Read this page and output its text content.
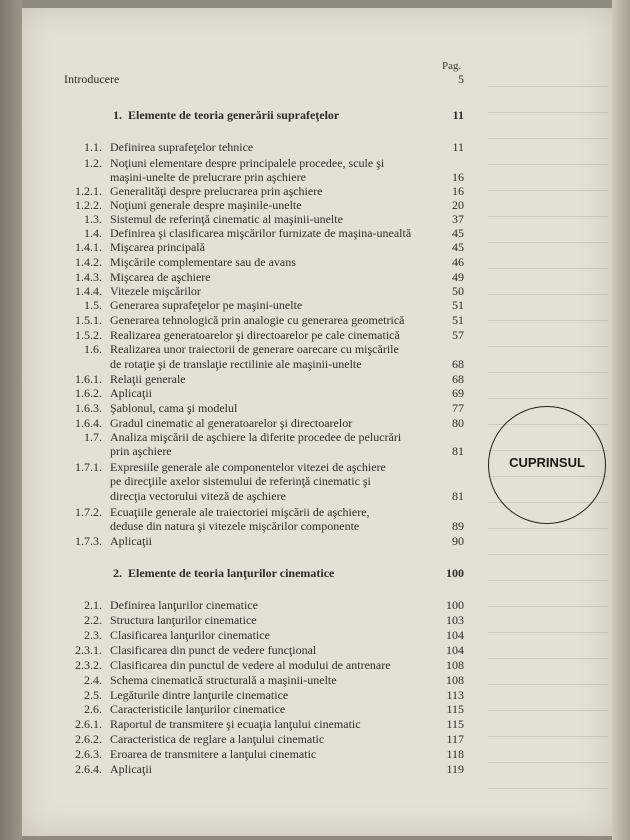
Pag.
Introducere	5
1. Elemente de teoria generării suprafeţelor	11
1.1. Definirea suprafeţelor tehnice	11
1.2. Noţiuni elementare despre principalele procedee, scule şi
maşini-unelte de prelucrare prin aşchiere	16
1.2.1. Generalităţi despre prelucrarea prin aşchiere	16
1.2.2. Noţiuni generale despre maşinile-unelte	20
1.3. Sistemul de referinţă cinematic al maşinii-unelte	37
1.4. Definirea şi clasificarea mişcărilor furnizate de maşina-unealtă	45
1.4.1. Mişcarea principală	45
1.4.2. Mişcările complementare sau de avans	46
1.4.3. Mişcarea de aşchiere	49
1.4.4. Vitezele mişcărilor	50
1.5. Generarea suprafeţelor pe maşini-unelte	51
1.5.1. Generarea tehnologică prin analogie cu generarea geometrică	51
1.5.2. Realizarea generatoarelor şi directoarelor pe cale cinematică	57
1.6. Realizarea unor traiectorii de generare oarecare cu mişcările
de rotaţie şi de translaţie rectilinie ale maşinii-unelte	68
1.6.1. Relaţii generale	68
1.6.2. Aplicaţii	69
1.6.3. Şablonul, cama şi modelul	77
1.6.4. Gradul cinematic al generatoarelor şi directoarelor	80
1.7. Analiza mişcării de aşchiere la diferite procedee de pelucrări
prin aşchiere	81
1.7.1. Expresiile generale ale componentelor vitezei de aşchiere
pe direcţiile axelor sistemului de referinţă cinematic şi
direcţia vectorului viteză de aşchiere	81
1.7.2. Ecuaţiile generale ale traiectoriei mişcării de aşchiere,
deduse din natura şi vitezele mişcărilor componente	89
1.7.3. Aplicaţii	90
2. Elemente de teoria lanţurilor cinematice	100
2.1. Definirea lanţurilor cinematice	100
2.2. Structura lanţurilor cinematice	103
2.3. Clasificarea lanţurilor cinematice	104
2.3.1. Clasificarea din punct de vedere funcţional	104
2.3.2. Clasificarea din punctul de vedere al modului de antrenare	108
2.4. Schema cinematică structurală a maşinii-unelte	108
2.5. Legăturile dintre lanţurile cinematice	113
2.6. Caracteristicile lanţurilor cinematice	115
2.6.1. Raportul de transmitere şi ecuaţia lanţului cinematic	115
2.6.2. Caracteristica de reglare a lanţului cinematic	117
2.6.3. Eroarea de transmitere a lanţului cinematic	118
2.6.4. Aplicaţii	119
CUPRINSUL
